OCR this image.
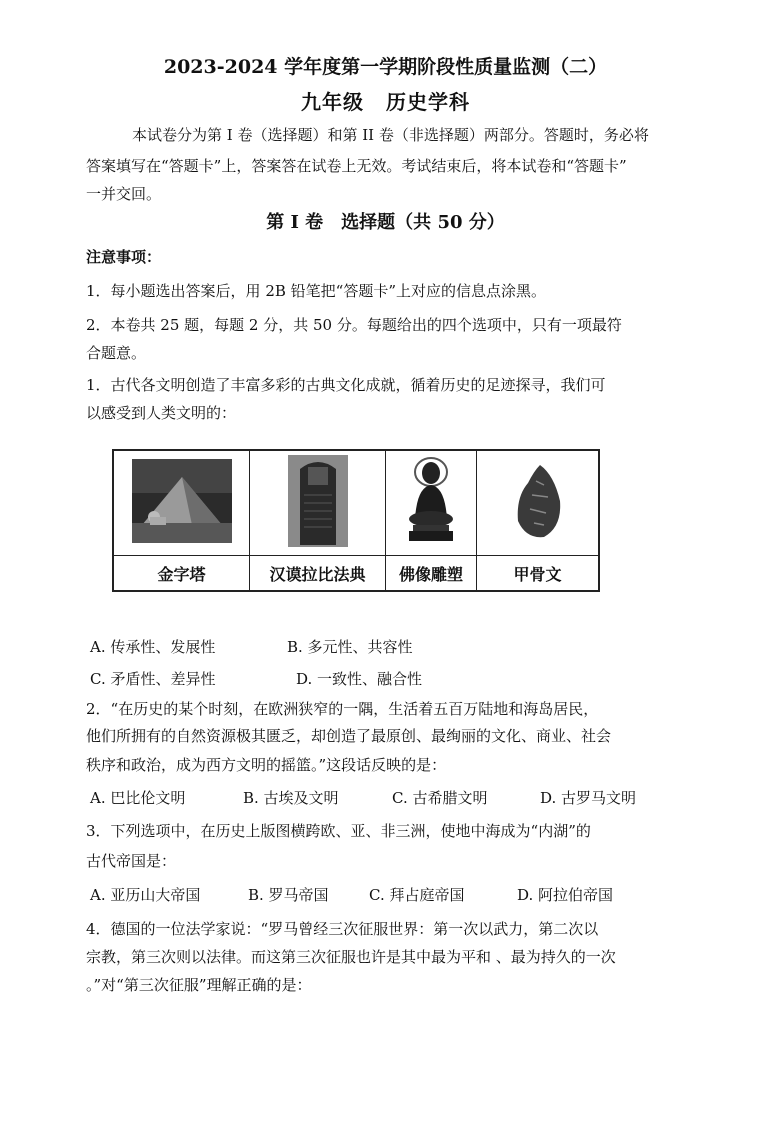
2023-2024 学年度第一学期阶段性质量监测（二）
九年级 历史学科
本试卷分为第 I 卷（选择题）和第 II 卷（非选择题）两部分。答题时，务必将
答案填写在“答题卡”上，答案答在试卷上无效。考试结束后，将本试卷和“答题卡”
一并交回。
第 I 卷 选择题（共 50 分）
注意事项：
1．每小题选出答案后，用 2B 铅笔把“答题卡”上对应的信息点涂黑。
2．本卷共 25 题，每题 2 分，共 50 分。每题给出的四个选项中，只有一项最符
合题意。
1．古代各文明创造了丰富多彩的古典文化成就，循着历史的足迹探寻，我们可
以感受到人类文明的：

金字塔	汉谟拉比法典	佛像雕塑	甲骨文
A. 传承性、发展性	B. 多元性、共容性
C. 矛盾性、差异性	D. 一致性、融合性
2．“在历史的某个时刻，在欧洲狭窄的一隅，生活着五百万陆地和海岛居民，
他们所拥有的自然资源极其匮乏，却创造了最原创、最绚丽的文化、商业、社会
秩序和政治，成为西方文明的摇篮。”这段话反映的是：
A. 巴比伦文明	B. 古埃及文明	C. 古希腊文明	D. 古罗马文明
3．下列选项中，在历史上版图横跨欧、亚、非三洲，使地中海成为“内湖”的
古代帝国是：
A. 亚历山大帝国	B. 罗马帝国	C. 拜占庭帝国	D. 阿拉伯帝国
4．德国的一位法学家说：“罗马曾经三次征服世界：第一次以武力，第二次以
宗教，第三次则以法律。而这第三次征服也许是其中最为平和 、最为持久的一次
。”对“第三次征服”理解正确的是：
